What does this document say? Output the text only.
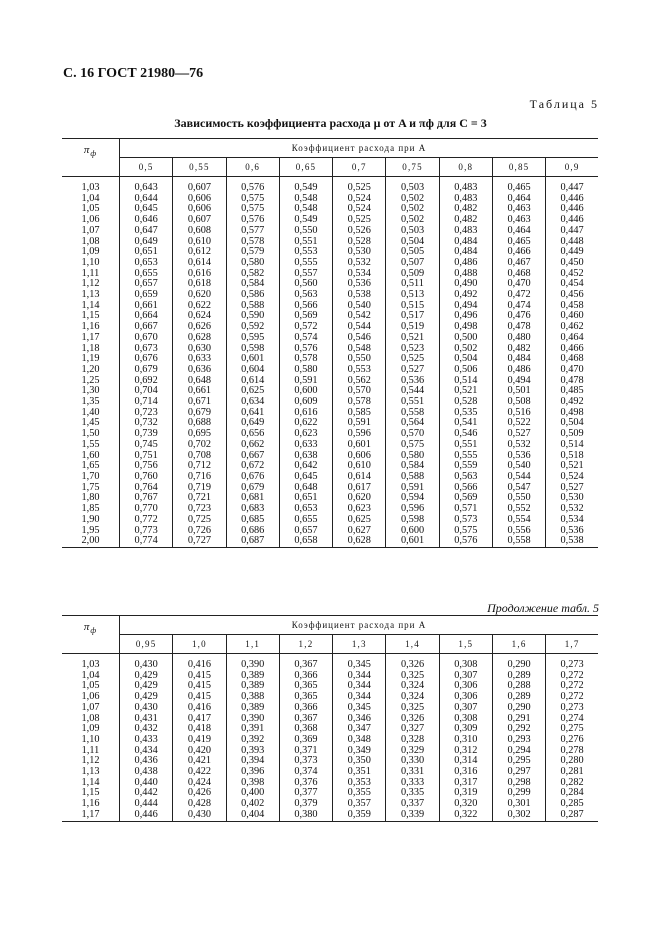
С. 16 ГОСТ 21980—76
Таблица 5
Зависимость коэффициента расхода μ от A и πф для C = 3
$\pi_ф$	Коэффициент расхода при A								
	0,5	0,55	0,6	0,65	0,7	0,75	0,8	0,85	0,9

1,03	0,643	0,607	0,576	0,549	0,525	0,503	0,483	0,465	0,447
1,04	0,644	0,606	0,575	0,548	0,524	0,502	0,483	0,464	0,446
1,05	0,645	0,606	0,575	0,548	0,524	0,502	0,482	0,463	0,446
1,06	0,646	0,607	0,576	0,549	0,525	0,502	0,482	0,463	0,446
1,07	0,647	0,608	0,577	0,550	0,526	0,503	0,483	0,464	0,447
1,08	0,649	0,610	0,578	0,551	0,528	0,504	0,484	0,465	0,448
1,09	0,651	0,612	0,579	0,553	0,530	0,505	0,484	0,466	0,449
1,10	0,653	0,614	0,580	0,555	0,532	0,507	0,486	0,467	0,450
1,11	0,655	0,616	0,582	0,557	0,534	0,509	0,488	0,468	0,452
1,12	0,657	0,618	0,584	0,560	0,536	0,511	0,490	0,470	0,454
1,13	0,659	0,620	0,586	0,563	0,538	0,513	0,492	0,472	0,456
1,14	0,661	0,622	0,588	0,566	0,540	0,515	0,494	0,474	0,458
1,15	0,664	0,624	0,590	0,569	0,542	0,517	0,496	0,476	0,460
1,16	0,667	0,626	0,592	0,572	0,544	0,519	0,498	0,478	0,462
1,17	0,670	0,628	0,595	0,574	0,546	0,521	0,500	0,480	0,464
1,18	0,673	0,630	0,598	0,576	0,548	0,523	0,502	0,482	0,466
1,19	0,676	0,633	0,601	0,578	0,550	0,525	0,504	0,484	0,468
1,20	0,679	0,636	0,604	0,580	0,553	0,527	0,506	0,486	0,470
1,25	0,692	0,648	0,614	0,591	0,562	0,536	0,514	0,494	0,478
1,30	0,704	0,661	0,625	0,600	0,570	0,544	0,521	0,501	0,485
1,35	0,714	0,671	0,634	0,609	0,578	0,551	0,528	0,508	0,492
1,40	0,723	0,679	0,641	0,616	0,585	0,558	0,535	0,516	0,498
1,45	0,732	0,688	0,649	0,622	0,591	0,564	0,541	0,522	0,504
1,50	0,739	0,695	0,656	0,623	0,596	0,570	0,546	0,527	0,509
1,55	0,745	0,702	0,662	0,633	0,601	0,575	0,551	0,532	0,514
1,60	0,751	0,708	0,667	0,638	0,606	0,580	0,555	0,536	0,518
1,65	0,756	0,712	0,672	0,642	0,610	0,584	0,559	0,540	0,521
1,70	0,760	0,716	0,676	0,645	0,614	0,588	0,563	0,544	0,524
1,75	0,764	0,719	0,679	0,648	0,617	0,591	0,566	0,547	0,527
1,80	0,767	0,721	0,681	0,651	0,620	0,594	0,569	0,550	0,530
1,85	0,770	0,723	0,683	0,653	0,623	0,596	0,571	0,552	0,532
1,90	0,772	0,725	0,685	0,655	0,625	0,598	0,573	0,554	0,534
1,95	0,773	0,726	0,686	0,657	0,627	0,600	0,575	0,556	0,536
2,00	0,774	0,727	0,687	0,658	0,628	0,601	0,576	0,558	0,538
Продолжение табл. 5
$\pi_ф$	Коэффициент расхода при A								
	0,95	1,0	1,1	1,2	1,3	1,4	1,5	1,6	1,7

1,03	0,430	0,416	0,390	0,367	0,345	0,326	0,308	0,290	0,273
1,04	0,429	0,415	0,389	0,366	0,344	0,325	0,307	0,289	0,272
1,05	0,429	0,415	0,389	0,365	0,344	0,324	0,306	0,288	0,272
1,06	0,429	0,415	0,388	0,365	0,344	0,324	0,306	0,289	0,272
1,07	0,430	0,416	0,389	0,366	0,345	0,325	0,307	0,290	0,273
1,08	0,431	0,417	0,390	0,367	0,346	0,326	0,308	0,291	0,274
1,09	0,432	0,418	0,391	0,368	0,347	0,327	0,309	0,292	0,275
1,10	0,433	0,419	0,392	0,369	0,348	0,328	0,310	0,293	0,276
1,11	0,434	0,420	0,393	0,371	0,349	0,329	0,312	0,294	0,278
1,12	0,436	0,421	0,394	0,373	0,350	0,330	0,314	0,295	0,280
1,13	0,438	0,422	0,396	0,374	0,351	0,331	0,316	0,297	0,281
1,14	0,440	0,424	0,398	0,376	0,353	0,333	0,317	0,298	0,282
1,15	0,442	0,426	0,400	0,377	0,355	0,335	0,319	0,299	0,284
1,16	0,444	0,428	0,402	0,379	0,357	0,337	0,320	0,301	0,285
1,17	0,446	0,430	0,404	0,380	0,359	0,339	0,322	0,302	0,287
